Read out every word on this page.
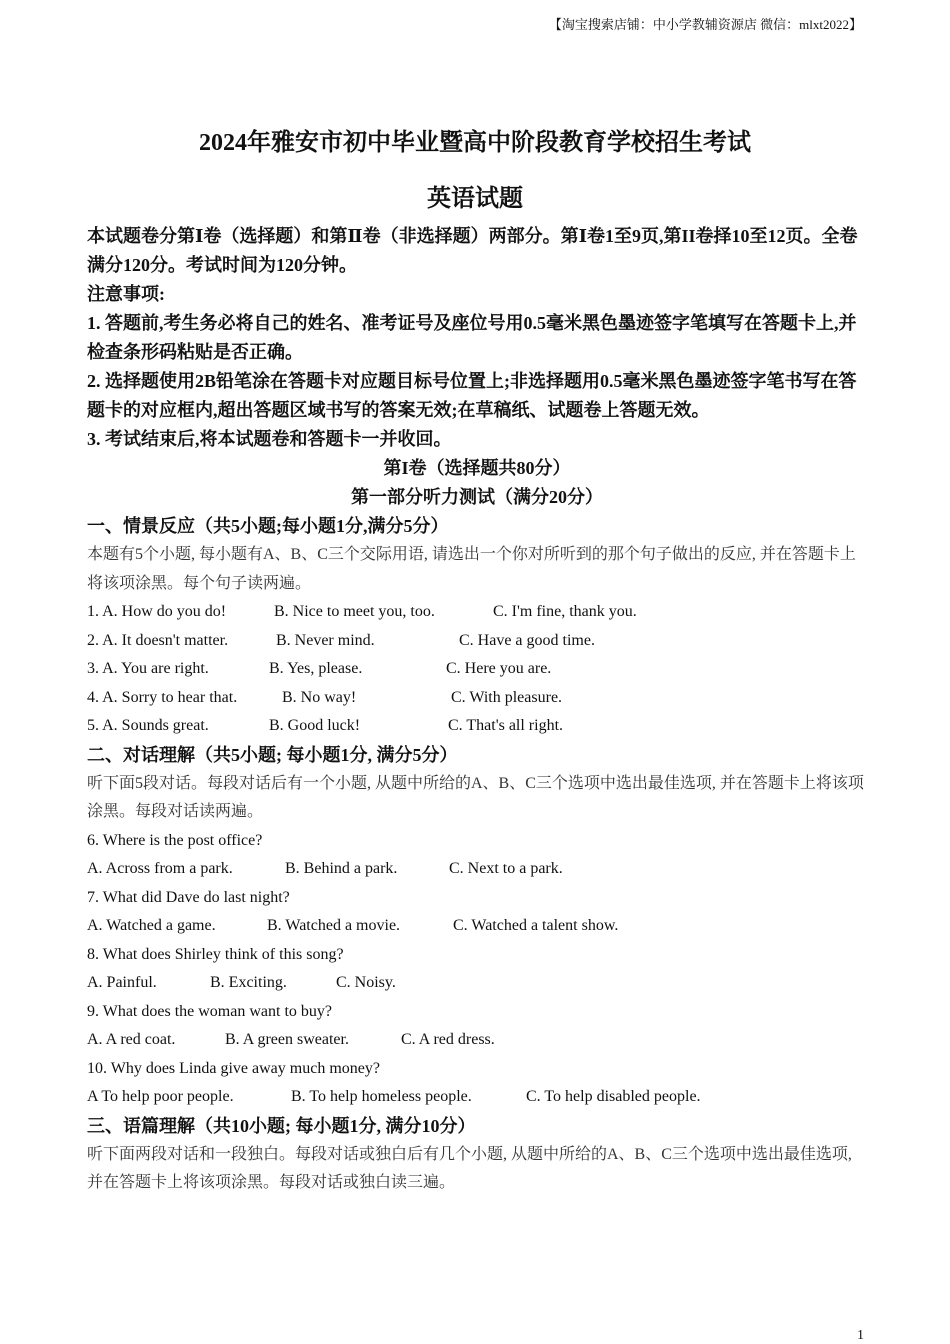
【淘宝搜索店铺：中小学教辅资源店 微信：mlxt2022】
2024年雅安市初中毕业暨高中阶段教育学校招生考试
英语试题
本试题卷分第Ⅰ卷（选择题）和第Ⅱ卷（非选择题）两部分。第Ⅰ卷1至9页,第II卷择10至12页。全卷满分120分。考试时间为120分钟。
注意事项:
1. 答题前,考生务必将自己的姓名、准考证号及座位号用0.5毫米黑色墨迹签字笔填写在答题卡上,并检查条形码粘贴是否正确。
2. 选择题使用2B铅笔涂在答题卡对应题目标号位置上;非选择题用0.5毫米黑色墨迹签字笔书写在答题卡的对应框内,超出答题区域书写的答案无效;在草稿纸、试题卷上答题无效。
3. 考试结束后,将本试题卷和答题卡一并收回。
第I卷（选择题共80分）
第一部分听力测试（满分20分）
一、情景反应（共5小题;每小题1分,满分5分）
本题有5个小题, 每小题有A、B、C三个交际用语, 请选出一个你对所听到的那个句子做出的反应, 并在答题卡上将该项涂黑。每个句子读两遍。
1. A. How do you do!	B. Nice to meet you, too.	C. I'm fine, thank you.
2. A. It doesn't matter.	B. Never mind.	C. Have a good time.
3. A. You are right.	B. Yes, please.	C. Here you are.
4. A. Sorry to hear that.	B. No way!	C. With pleasure.
5. A. Sounds great.	B. Good luck!	C. That's all right.
二、对话理解（共5小题; 每小题1分, 满分5分）
听下面5段对话。每段对话后有一个小题, 从题中所给的A、B、C三个选项中选出最佳选项, 并在答题卡上将该项涂黑。每段对话读两遍。
6. Where is the post office?
A. Across from a park.	B. Behind a park.	C. Next to a park.
7. What did Dave do last night?
A. Watched a game.	B. Watched a movie.	C. Watched a talent show.
8. What does Shirley think of this song?
A. Painful.	B. Exciting.	C. Noisy.
9. What does the woman want to buy?
A. A red coat.	B. A green sweater.	C. A red dress.
10. Why does Linda give away much money?
A To help poor people.	B. To help homeless people.	C. To help disabled people.
三、语篇理解（共10小题; 每小题1分, 满分10分）
听下面两段对话和一段独白。每段对话或独白后有几个小题, 从题中所给的A、B、C三个选项中选出最佳选项, 并在答题卡上将该项涂黑。每段对话或独白读三遍。
1
